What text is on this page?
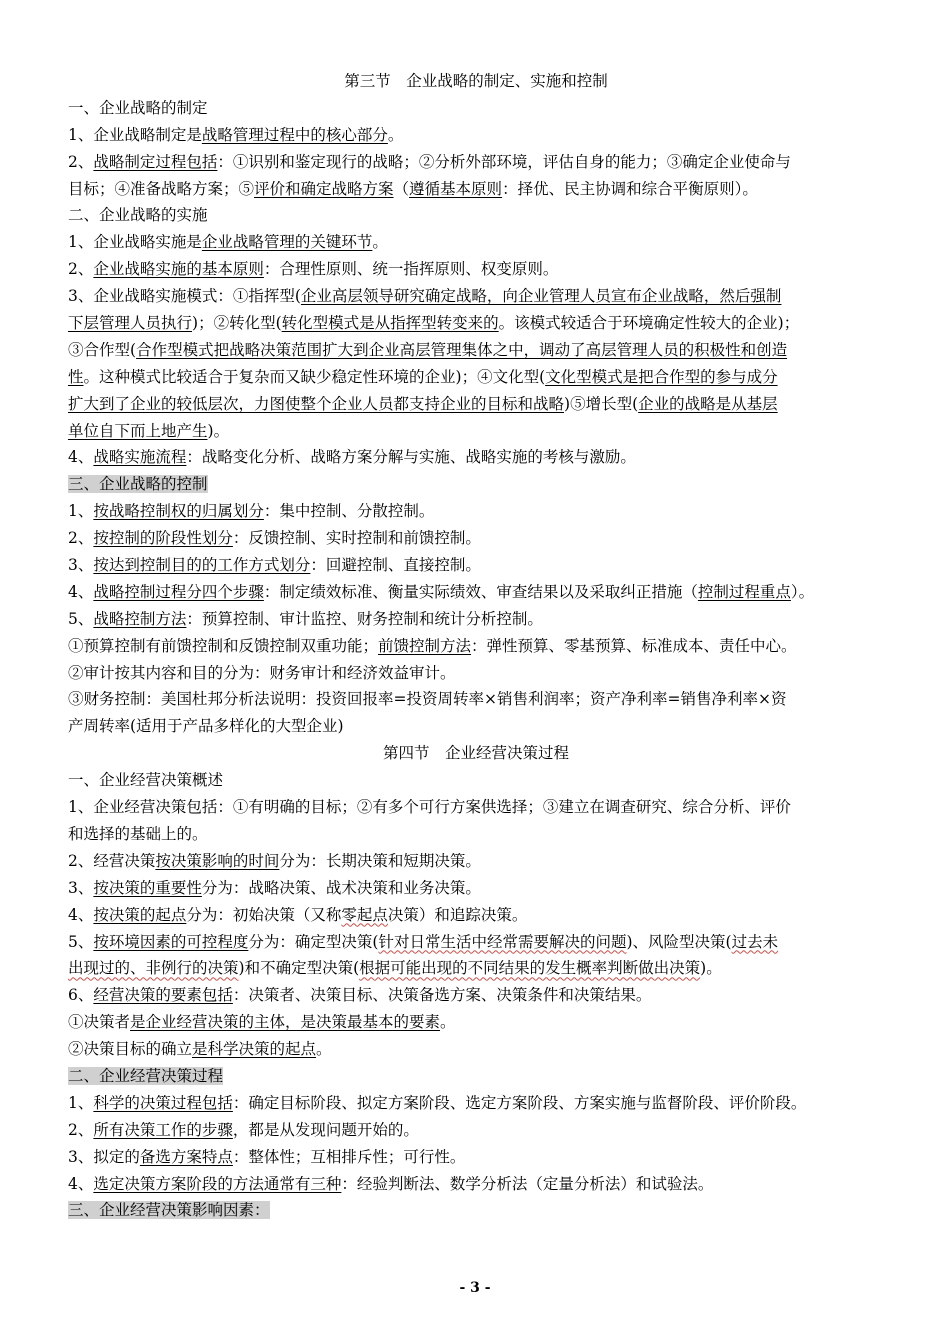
第三节　企业战略的制定、实施和控制
一、企业战略的制定
1、企业战略制定是战略管理过程中的核心部分。
2、战略制定过程包括：①识别和鉴定现行的战略；②分析外部环境，评估自身的能力；③确定企业使命与
目标；④准备战略方案；⑤评价和确定战略方案（遵循基本原则：择优、民主协调和综合平衡原则）。
二、企业战略的实施
1、企业战略实施是企业战略管理的关键环节。
2、企业战略实施的基本原则：合理性原则、统一指挥原则、权变原则。
3、企业战略实施模式：①指挥型(企业高层领导研究确定战略，向企业管理人员宣布企业战略，然后强制
下层管理人员执行)；②转化型(转化型模式是从指挥型转变来的。该模式较适合于环境确定性较大的企业)；
③合作型(合作型模式把战略决策范围扩大到企业高层管理集体之中，调动了高层管理人员的积极性和创造
性。这种模式比较适合于复杂而又缺少稳定性环境的企业)；④文化型(文化型模式是把合作型的参与成分
扩大到了企业的较低层次，力图使整个企业人员都支持企业的目标和战略)⑤增长型(企业的战略是从基层
单位自下而上地产生)。
4、战略实施流程：战略变化分析、战略方案分解与实施、战略实施的考核与激励。
三、企业战略的控制
1、按战略控制权的归属划分：集中控制、分散控制。
2、按控制的阶段性划分：反馈控制、实时控制和前馈控制。
3、按达到控制目的的工作方式划分：回避控制、直接控制。
4、战略控制过程分四个步骤：制定绩效标准、衡量实际绩效、审查结果以及采取纠正措施（控制过程重点）。
5、战略控制方法：预算控制、审计监控、财务控制和统计分析控制。
①预算控制有前馈控制和反馈控制双重功能；前馈控制方法：弹性预算、零基预算、标准成本、责任中心。
②审计按其内容和目的分为：财务审计和经济效益审计。
③财务控制：美国杜邦分析法说明：投资回报率=投资周转率×销售利润率；资产净利率=销售净利率×资
产周转率(适用于产品多样化的大型企业)
第四节　企业经营决策过程
一、企业经营决策概述
1、企业经营决策包括：①有明确的目标；②有多个可行方案供选择；③建立在调查研究、综合分析、评价
和选择的基础上的。
2、经营决策按决策影响的时间分为：长期决策和短期决策。
3、按决策的重要性分为：战略决策、战术决策和业务决策。
4、按决策的起点分为：初始决策（又称零起点决策）和追踪决策。
5、按环境因素的可控程度分为：确定型决策(针对日常生活中经常需要解决的问题)、风险型决策(过去未
出现过的、非例行的决策)和不确定型决策(根据可能出现的不同结果的发生概率判断做出决策)。
6、经营决策的要素包括：决策者、决策目标、决策备选方案、决策条件和决策结果。
①决策者是企业经营决策的主体，是决策最基本的要素。
②决策目标的确立是科学决策的起点。
二、企业经营决策过程
1、科学的决策过程包括：确定目标阶段、拟定方案阶段、选定方案阶段、方案实施与监督阶段、评价阶段。
2、所有决策工作的步骤，都是从发现问题开始的。
3、拟定的备选方案特点：整体性；互相排斥性；可行性。
4、选定决策方案阶段的方法通常有三种：经验判断法、数学分析法（定量分析法）和试验法。
三、企业经营决策影响因素：
- 3 -
